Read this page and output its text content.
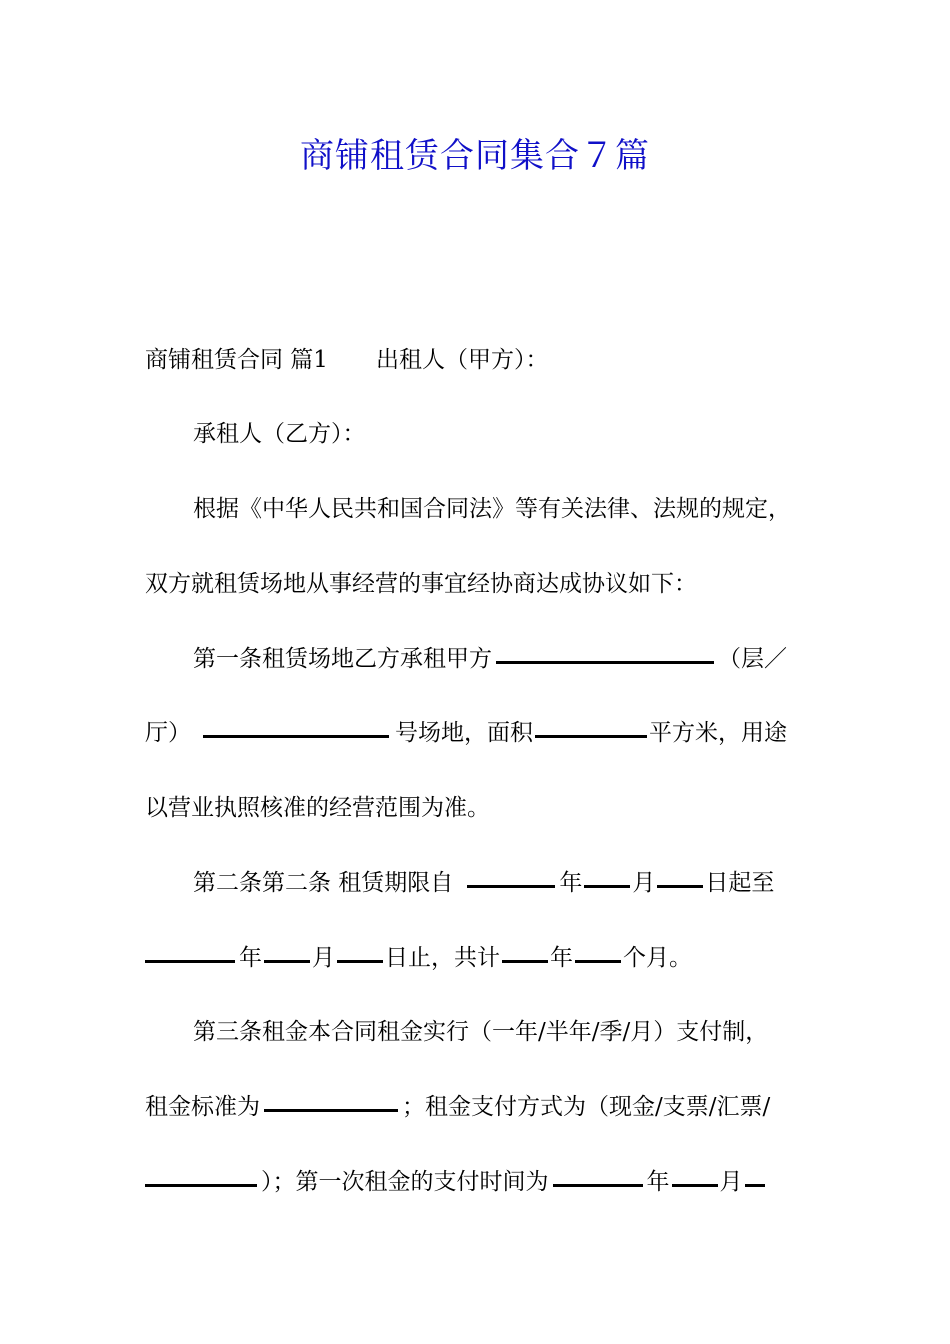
商铺租赁合同集合７篇
商铺租赁合同 篇1 出租人（甲方）：
承租人（乙方）：
根据《中华人民共和国合同法》等有关法律、法规的规定，
双方就租赁场地从事经营的事宜经协商达成协议如下：
第一条租赁场地乙方承租甲方	（层／
厅）	号场地，面积	平方米，用途
以营业执照核准的经营范围为准。
第二条第二条 租赁期限自	年 月 日起至
年 月 日止，共计 年 个月。
第三条租金本合同租金实行（一年/半年/季/月）支付制，
租金标准为	；租金支付方式为（现金/支票/汇票/
）；第一次租金的支付时间为	年 月
